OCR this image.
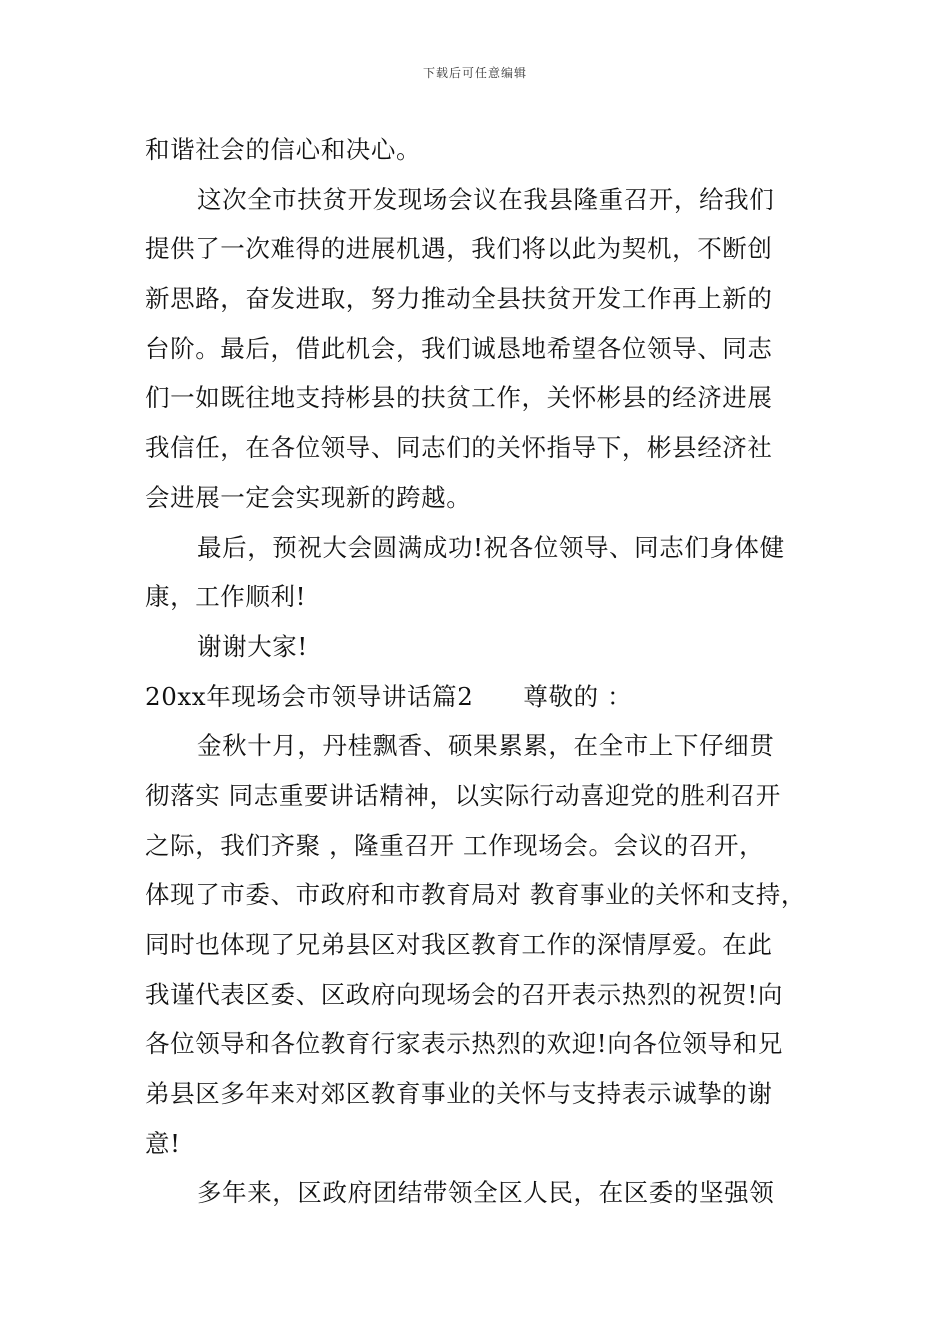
下载后可任意编辑
和谐社会的信心和决心。
这次全市扶贫开发现场会议在我县隆重召开，给我们
提供了一次难得的进展机遇，我们将以此为契机，不断创
新思路，奋发进取，努力推动全县扶贫开发工作再上新的
台阶。最后，借此机会，我们诚恳地希望各位领导、同志
们一如既往地支持彬县的扶贫工作，关怀彬县的经济进展
我信任，在各位领导、同志们的关怀指导下，彬县经济社
会进展一定会实现新的跨越。
最后，预祝大会圆满成功!祝各位领导、同志们身体健
康，工作顺利!
谢谢大家!
20xx年现场会市领导讲话篇2 尊敬的 ：
金秋十月，丹桂飘香、硕果累累，在全市上下仔细贯
彻落实 同志重要讲话精神，以实际行动喜迎党的胜利召开
之际，我们齐聚 ，隆重召开 工作现场会。会议的召开，
体现了市委、市政府和市教育局对 教育事业的关怀和支持，
同时也体现了兄弟县区对我区教育工作的深情厚爱。在此
我谨代表区委、区政府向现场会的召开表示热烈的祝贺!向
各位领导和各位教育行家表示热烈的欢迎!向各位领导和兄
弟县区多年来对郊区教育事业的关怀与支持表示诚挚的谢
意!
多年来，区政府团结带领全区人民，在区委的坚强领
